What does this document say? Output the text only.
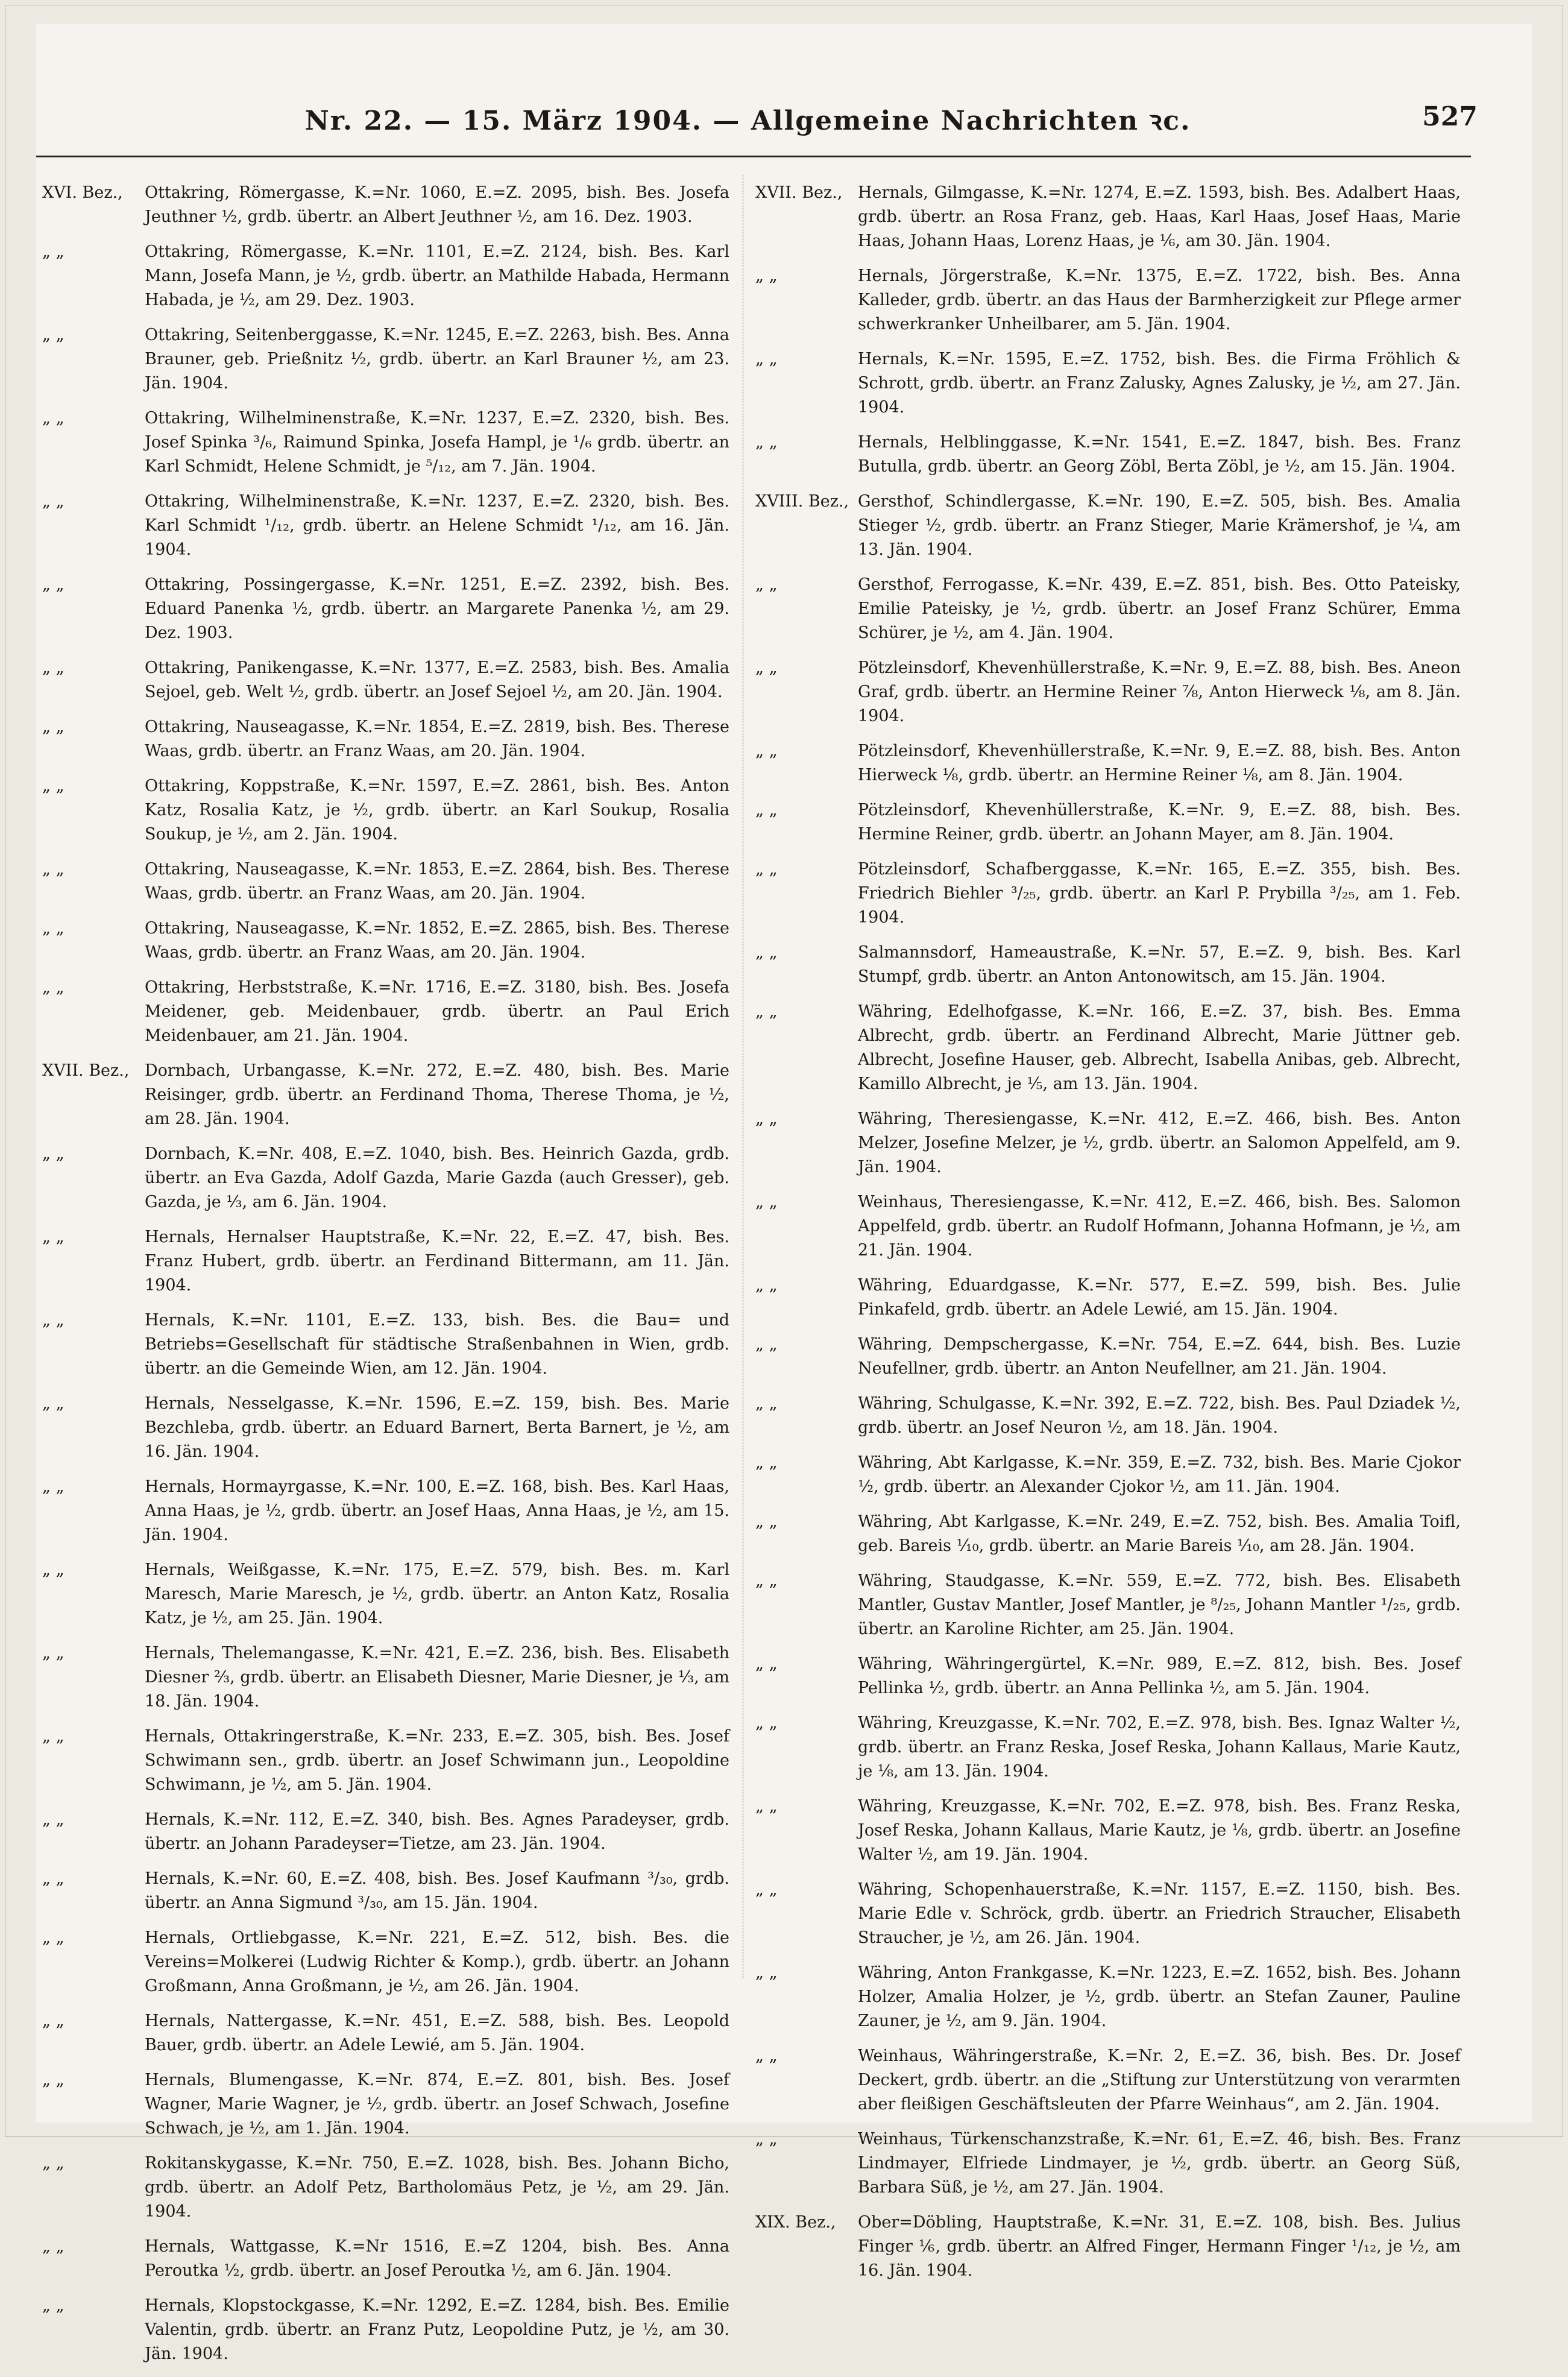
Nr. 22. — 15. März 1904. — Allgemeine Nachrichten ꝛc.	527
XVI. Bez.,	Ottakring, Römergasse, K.=Nr. 1060, E.=Z. 2095, bish. Bes. Josefa Jeuthner ½, grdb. übertr. an Albert Jeuthner ½, am 16. Dez. 1903.
„ „	Ottakring, Römergasse, K.=Nr. 1101, E.=Z. 2124, bish. Bes. Karl Mann, Josefa Mann, je ½, grdb. übertr. an Mathilde Habada, Hermann Habada, je ½, am 29. Dez. 1903.
„ „	Ottakring, Seitenberggasse, K.=Nr. 1245, E.=Z. 2263, bish. Bes. Anna Brauner, geb. Prießnitz ½, grdb. übertr. an Karl Brauner ½, am 23. Jän. 1904.
„ „	Ottakring, Wilhelminenstraße, K.=Nr. 1237, E.=Z. 2320, bish. Bes. Josef Spinka ³/₆, Raimund Spinka, Josefa Hampl, je ¹/₆ grdb. übertr. an Karl Schmidt, Helene Schmidt, je ⁵/₁₂, am 7. Jän. 1904.
„ „	Ottakring, Wilhelminenstraße, K.=Nr. 1237, E.=Z. 2320, bish. Bes. Karl Schmidt ¹/₁₂, grdb. übertr. an Helene Schmidt ¹/₁₂, am 16. Jän. 1904.
„ „	Ottakring, Possingergasse, K.=Nr. 1251, E.=Z. 2392, bish. Bes. Eduard Panenka ½, grdb. übertr. an Margarete Panenka ½, am 29. Dez. 1903.
„ „	Ottakring, Panikengasse, K.=Nr. 1377, E.=Z. 2583, bish. Bes. Amalia Sejoel, geb. Welt ½, grdb. übertr. an Josef Sejoel ½, am 20. Jän. 1904.
„ „	Ottakring, Nauseagasse, K.=Nr. 1854, E.=Z. 2819, bish. Bes. Therese Waas, grdb. übertr. an Franz Waas, am 20. Jän. 1904.
„ „	Ottakring, Koppstraße, K.=Nr. 1597, E.=Z. 2861, bish. Bes. Anton Katz, Rosalia Katz, je ½, grdb. übertr. an Karl Soukup, Rosalia Soukup, je ½, am 2. Jän. 1904.
„ „	Ottakring, Nauseagasse, K.=Nr. 1853, E.=Z. 2864, bish. Bes. Therese Waas, grdb. übertr. an Franz Waas, am 20. Jän. 1904.
„ „	Ottakring, Nauseagasse, K.=Nr. 1852, E.=Z. 2865, bish. Bes. Therese Waas, grdb. übertr. an Franz Waas, am 20. Jän. 1904.
„ „	Ottakring, Herbststraße, K.=Nr. 1716, E.=Z. 3180, bish. Bes. Josefa Meidener, geb. Meidenbauer, grdb. übertr. an Paul Erich Meidenbauer, am 21. Jän. 1904.
XVII. Bez., Dornbach, Urbangasse, K.=Nr. 272, E.=Z. 480, bish. Bes. Marie Reisinger, grdb. übertr. an Ferdinand Thoma, Therese Thoma, je ½, am 28. Jän. 1904.
„ „	Dornbach, K.=Nr. 408, E.=Z. 1040, bish. Bes. Heinrich Gazda, grdb. übertr. an Eva Gazda, Adolf Gazda, Marie Gazda (auch Gresser), geb. Gazda, je ⅓, am 6. Jän. 1904.
„ „	Hernals, Hernalser Hauptstraße, K.=Nr. 22, E.=Z. 47, bish. Bes. Franz Hubert, grdb. übertr. an Ferdinand Bittermann, am 11. Jän. 1904.
„ „	Hernals, K.=Nr. 1101, E.=Z. 133, bish. Bes. die Bau= und Betriebs=Gesellschaft für städtische Straßenbahnen in Wien, grdb. übertr. an die Gemeinde Wien, am 12. Jän. 1904.
„ „	Hernals, Nesselgasse, K.=Nr. 1596, E.=Z. 159, bish. Bes. Marie Bezchleba, grdb. übertr. an Eduard Barnert, Berta Barnert, je ½, am 16. Jän. 1904.
„ „	Hernals, Hormayrgasse, K.=Nr. 100, E.=Z. 168, bish. Bes. Karl Haas, Anna Haas, je ½, grdb. übertr. an Josef Haas, Anna Haas, je ½, am 15. Jän. 1904.
„ „	Hernals, Weißgasse, K.=Nr. 175, E.=Z. 579, bish. Bes. m. Karl Maresch, Marie Maresch, je ½, grdb. übertr. an Anton Katz, Rosalia Katz, je ½, am 25. Jän. 1904.
„ „	Hernals, Thelemangasse, K.=Nr. 421, E.=Z. 236, bish. Bes. Elisabeth Diesner ⅔, grdb. übertr. an Elisabeth Diesner, Marie Diesner, je ⅓, am 18. Jän. 1904.
„ „	Hernals, Ottakringerstraße, K.=Nr. 233, E.=Z. 305, bish. Bes. Josef Schwimann sen., grdb. übertr. an Josef Schwimann jun., Leopoldine Schwimann, je ½, am 5. Jän. 1904.
„ „	Hernals, K.=Nr. 112, E.=Z. 340, bish. Bes. Agnes Paradeyser, grdb. übertr. an Johann Paradeyser=Tietze, am 23. Jän. 1904.
„ „	Hernals, K.=Nr. 60, E.=Z. 408, bish. Bes. Josef Kaufmann ³/₃₀, grdb. übertr. an Anna Sigmund ³/₃₀, am 15. Jän. 1904.
„ „	Hernals, Ortliebgasse, K.=Nr. 221, E.=Z. 512, bish. Bes. die Vereins=Molkerei (Ludwig Richter & Komp.), grdb. übertr. an Johann Großmann, Anna Großmann, je ½, am 26. Jän. 1904.
„ „	Hernals, Nattergasse, K.=Nr. 451, E.=Z. 588, bish. Bes. Leopold Bauer, grdb. übertr. an Adele Lewié, am 5. Jän. 1904.
„ „	Hernals, Blumengasse, K.=Nr. 874, E.=Z. 801, bish. Bes. Josef Wagner, Marie Wagner, je ½, grdb. übertr. an Josef Schwach, Josefine Schwach, je ½, am 1. Jän. 1904.
„ „	Rokitanskygasse, K.=Nr. 750, E.=Z. 1028, bish. Bes. Johann Bicho, grdb. übertr. an Adolf Petz, Bartholomäus Petz, je ½, am 29. Jän. 1904.
„ „	Hernals, Wattgasse, K.=Nr 1516, E.=Z 1204, bish. Bes. Anna Peroutka ½, grdb. übertr. an Josef Peroutka ½, am 6. Jän. 1904.
„ „	Hernals, Klopstockgasse, K.=Nr. 1292, E.=Z. 1284, bish. Bes. Emilie Valentin, grdb. übertr. an Franz Putz, Leopoldine Putz, je ½, am 30. Jän. 1904.
XVII. Bez., Hernals, Gilmgasse, K.=Nr. 1274, E.=Z. 1593, bish. Bes. Adalbert Haas, grdb. übertr. an Rosa Franz, geb. Haas, Karl Haas, Josef Haas, Marie Haas, Johann Haas, Lorenz Haas, je ⅙, am 30. Jän. 1904.
„ „	Hernals, Jörgerstraße, K.=Nr. 1375, E.=Z. 1722, bish. Bes. Anna Kalleder, grdb. übertr. an das Haus der Barmherzigkeit zur Pflege armer schwerkranker Unheilbarer, am 5. Jän. 1904.
„ „	Hernals, K.=Nr. 1595, E.=Z. 1752, bish. Bes. die Firma Fröhlich & Schrott, grdb. übertr. an Franz Zalusky, Agnes Zalusky, je ½, am 27. Jän. 1904.
„ „	Hernals, Helblinggasse, K.=Nr. 1541, E.=Z. 1847, bish. Bes. Franz Butulla, grdb. übertr. an Georg Zöbl, Berta Zöbl, je ½, am 15. Jän. 1904.
XVIII. Bez., Gersthof, Schindlergasse, K.=Nr. 190, E.=Z. 505, bish. Bes. Amalia Stieger ½, grdb. übertr. an Franz Stieger, Marie Krämershof, je ¼, am 13. Jän. 1904.
„ „	Gersthof, Ferrogasse, K.=Nr. 439, E.=Z. 851, bish. Bes. Otto Pateisky, Emilie Pateisky, je ½, grdb. übertr. an Josef Franz Schürer, Emma Schürer, je ½, am 4. Jän. 1904.
„ „	Pötzleinsdorf, Khevenhüllerstraße, K.=Nr. 9, E.=Z. 88, bish. Bes. Aneon Graf, grdb. übertr. an Hermine Reiner ⅞, Anton Hierweck ⅛, am 8. Jän. 1904.
„ „	Pötzleinsdorf, Khevenhüllerstraße, K.=Nr. 9, E.=Z. 88, bish. Bes. Anton Hierweck ⅛, grdb. übertr. an Hermine Reiner ⅛, am 8. Jän. 1904.
„ „	Pötzleinsdorf, Khevenhüllerstraße, K.=Nr. 9, E.=Z. 88, bish. Bes. Hermine Reiner, grdb. übertr. an Johann Mayer, am 8. Jän. 1904.
„ „	Pötzleinsdorf, Schafberggasse, K.=Nr. 165, E.=Z. 355, bish. Bes. Friedrich Biehler ³/₂₅, grdb. übertr. an Karl P. Prybilla ³/₂₅, am 1. Feb. 1904.
„ „	Salmannsdorf, Hameaustraße, K.=Nr. 57, E.=Z. 9, bish. Bes. Karl Stumpf, grdb. übertr. an Anton Antonowitsch, am 15. Jän. 1904.
„ „	Währing, Edelhofgasse, K.=Nr. 166, E.=Z. 37, bish. Bes. Emma Albrecht, grdb. übertr. an Ferdinand Albrecht, Marie Jüttner geb. Albrecht, Josefine Hauser, geb. Albrecht, Isabella Anibas, geb. Albrecht, Kamillo Albrecht, je ⅕, am 13. Jän. 1904.
„ „	Währing, Theresiengasse, K.=Nr. 412, E.=Z. 466, bish. Bes. Anton Melzer, Josefine Melzer, je ½, grdb. übertr. an Salomon Appelfeld, am 9. Jän. 1904.
„ „	Weinhaus, Theresiengasse, K.=Nr. 412, E.=Z. 466, bish. Bes. Salomon Appelfeld, grdb. übertr. an Rudolf Hofmann, Johanna Hofmann, je ½, am 21. Jän. 1904.
„ „	Währing, Eduardgasse, K.=Nr. 577, E.=Z. 599, bish. Bes. Julie Pinkafeld, grdb. übertr. an Adele Lewié, am 15. Jän. 1904.
„ „	Währing, Dempschergasse, K.=Nr. 754, E.=Z. 644, bish. Bes. Luzie Neufellner, grdb. übertr. an Anton Neufellner, am 21. Jän. 1904.
„ „	Währing, Schulgasse, K.=Nr. 392, E.=Z. 722, bish. Bes. Paul Dziadek ½, grdb. übertr. an Josef Neuron ½, am 18. Jän. 1904.
„ „	Währing, Abt Karlgasse, K.=Nr. 359, E.=Z. 732, bish. Bes. Marie Cjokor ½, grdb. übertr. an Alexander Cjokor ½, am 11. Jän. 1904.
„ „	Währing, Abt Karlgasse, K.=Nr. 249, E.=Z. 752, bish. Bes. Amalia Toifl, geb. Bareis ⅒, grdb. übertr. an Marie Bareis ⅒, am 28. Jän. 1904.
„ „	Währing, Staudgasse, K.=Nr. 559, E.=Z. 772, bish. Bes. Elisabeth Mantler, Gustav Mantler, Josef Mantler, je ⁸/₂₅, Johann Mantler ¹/₂₅, grdb. übertr. an Karoline Richter, am 25. Jän. 1904.
„ „	Währing, Währingergürtel, K.=Nr. 989, E.=Z. 812, bish. Bes. Josef Pellinka ½, grdb. übertr. an Anna Pellinka ½, am 5. Jän. 1904.
„ „	Währing, Kreuzgasse, K.=Nr. 702, E.=Z. 978, bish. Bes. Ignaz Walter ½, grdb. übertr. an Franz Reska, Josef Reska, Johann Kallaus, Marie Kautz, je ⅛, am 13. Jän. 1904.
„ „	Währing, Kreuzgasse, K.=Nr. 702, E.=Z. 978, bish. Bes. Franz Reska, Josef Reska, Johann Kallaus, Marie Kautz, je ⅛, grdb. übertr. an Josefine Walter ½, am 19. Jän. 1904.
„ „	Währing, Schopenhauerstraße, K.=Nr. 1157, E.=Z. 1150, bish. Bes. Marie Edle v. Schröck, grdb. übertr. an Friedrich Straucher, Elisabeth Straucher, je ½, am 26. Jän. 1904.
„ „	Währing, Anton Frankgasse, K.=Nr. 1223, E.=Z. 1652, bish. Bes. Johann Holzer, Amalia Holzer, je ½, grdb. übertr. an Stefan Zauner, Pauline Zauner, je ½, am 9. Jän. 1904.
„ „	Weinhaus, Währingerstraße, K.=Nr. 2, E.=Z. 36, bish. Bes. Dr. Josef Deckert, grdb. übertr. an die „Stiftung zur Unterstützung von verarmten aber fleißigen Geschäftsleuten der Pfarre Weinhaus“, am 2. Jän. 1904.
„ „	Weinhaus, Türkenschanzstraße, K.=Nr. 61, E.=Z. 46, bish. Bes. Franz Lindmayer, Elfriede Lindmayer, je ½, grdb. übertr. an Georg Süß, Barbara Süß, je ½, am 27. Jän. 1904.
XIX. Bez.,	Ober=Döbling, Hauptstraße, K.=Nr. 31, E.=Z. 108, bish. Bes. Julius Finger ⅙, grdb. übertr. an Alfred Finger, Hermann Finger ¹/₁₂, je ½, am 16. Jän. 1904.
